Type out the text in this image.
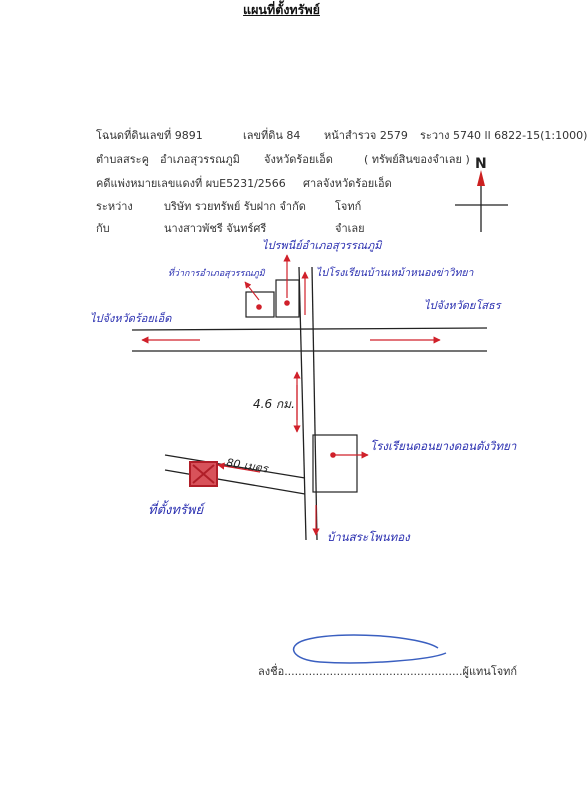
แผนที่ตั้งทรัพย์
โฉนดที่ดินเลขที่ 9891	เลขที่ดิน 84 หน้าสำรวจ 2579 ระวาง 5740 ll 6822-15(1:1000)
ตำบลสระคู อำเภอสุวรรณภูมิ จังหวัดร้อยเอ็ด	( ทรัพย์สินของจำเลย )
คดีแพ่งหมายเลขแดงที่ ผบE5231/2566 ศาลจังหวัดร้อยเอ็ด
ระหว่าง	บริษัท รวยทรัพย์ รับฝาก จำกัด	โจทก์
กับ	นางสาวพัชรี จันทร์ศรี	จำเลย
N
ไปรพนีย์อำเภอสุวรรณภูมิ
ที่ว่าการอำเภอสุวรรณภูมิ	ไปโรงเรียนบ้านเหม้าหนองข่าวิทยา
ไปจังหวัดร้อยเอ็ด
ไปจังหวัดยโสธร
4.6 กม.
โรงเรียนดอนยางดอนตังวิทยา
80 เมตร
ที่ตั้งทรัพย์
บ้านสระโพนทอง
ลงชื่อ...................................................ผู้แทนโจทก์
